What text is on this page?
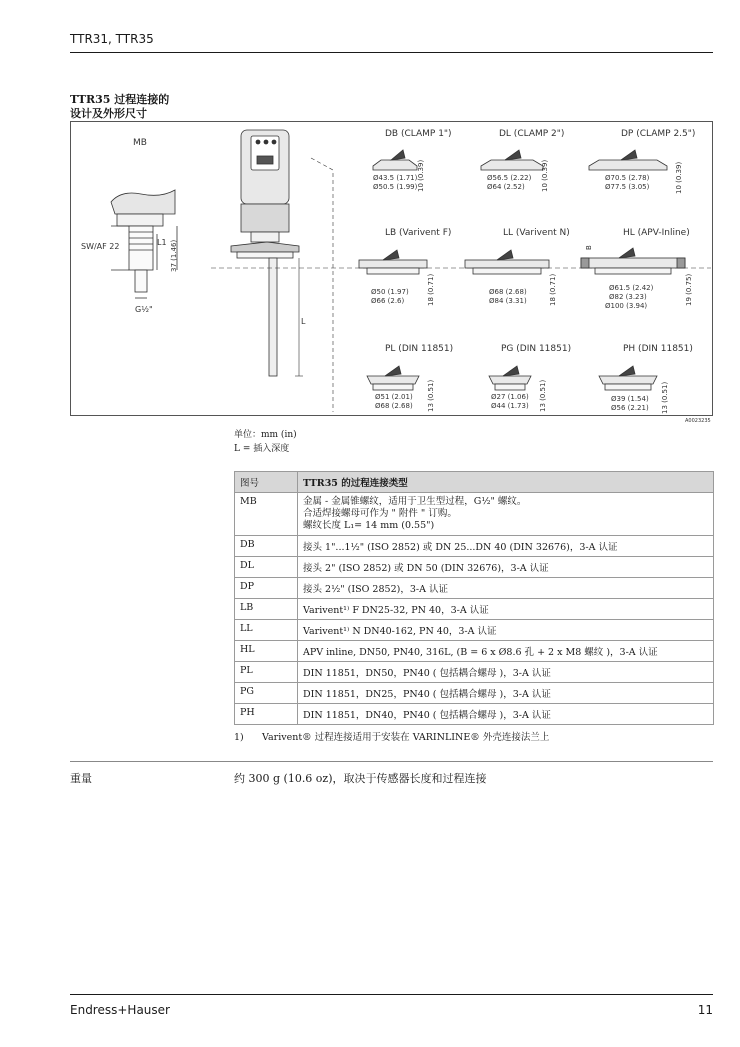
TTR31, TTR35
TTR35 过程连接的
设计及外形尺寸
MB
SW/AF 22	L1 37 (1.46)
G½"
L
DB (CLAMP 1")
Ø43.5 (1.71)
Ø50.5 (1.99) 10 (0.39)
DL (CLAMP 2")
Ø56.5 (2.22)
Ø64 (2.52) 10 (0.39)
DP (CLAMP 2.5")
Ø70.5 (2.78)
Ø77.5 (3.05)	10 (0.39)
LB (Varivent F)
Ø50 (1.97)
Ø66 (2.6)	18 (0.71)
LL (Varivent N)
Ø68 (2.68)
Ø84 (3.31)	18 (0.71)
HL (APV-Inline)
B
Ø61.5 (2.42)
Ø82 (3.23)
Ø100 (3.94)	19 (0.75)
PL (DIN 11851)
Ø51 (2.01)
Ø68 (2.68) 13 (0.51)
PG (DIN 11851)
Ø27 (1.06)
Ø44 (1.73) 13 (0.51)
PH (DIN 11851)
Ø39 (1.54)
Ø56 (2.21) 13 (0.51)
A0023235
单位：mm (in)
L = 插入深度
图号	TTR35 的过程连接类型
MB	金属 - 金属锥螺纹，适用于卫生型过程，G½" 螺纹。
合适焊接螺母可作为 " 附件 " 订购。
螺纹长度 L₁= 14 mm (0.55")

DB	接头 1"...1½" (ISO 2852) 或 DN 25...DN 40 (DIN 32676)，3-A 认证
DL	接头 2" (ISO 2852) 或 DN 50 (DIN 32676)，3-A 认证
DP	接头 2½" (ISO 2852)，3-A 认证
LB	Varivent¹⁾ F DN25-32, PN 40，3-A 认证
LL	Varivent¹⁾ N DN40-162, PN 40，3-A 认证
HL	APV inline, DN50, PN40, 316L, (B = 6 x Ø8.6 孔 + 2 x M8 螺纹 )，3-A 认证
PL	DIN 11851，DN50，PN40 ( 包括耦合螺母 )，3-A 认证
PG	DIN 11851，DN25，PN40 ( 包括耦合螺母 )，3-A 认证
PH	DIN 11851，DN40，PN40 ( 包括耦合螺母 )，3-A 认证
1) Varivent® 过程连接适用于安装在 VARINLINE® 外壳连接法兰上
重量	约 300 g (10.6 oz)，取决于传感器长度和过程连接
Endress+Hauser	11
